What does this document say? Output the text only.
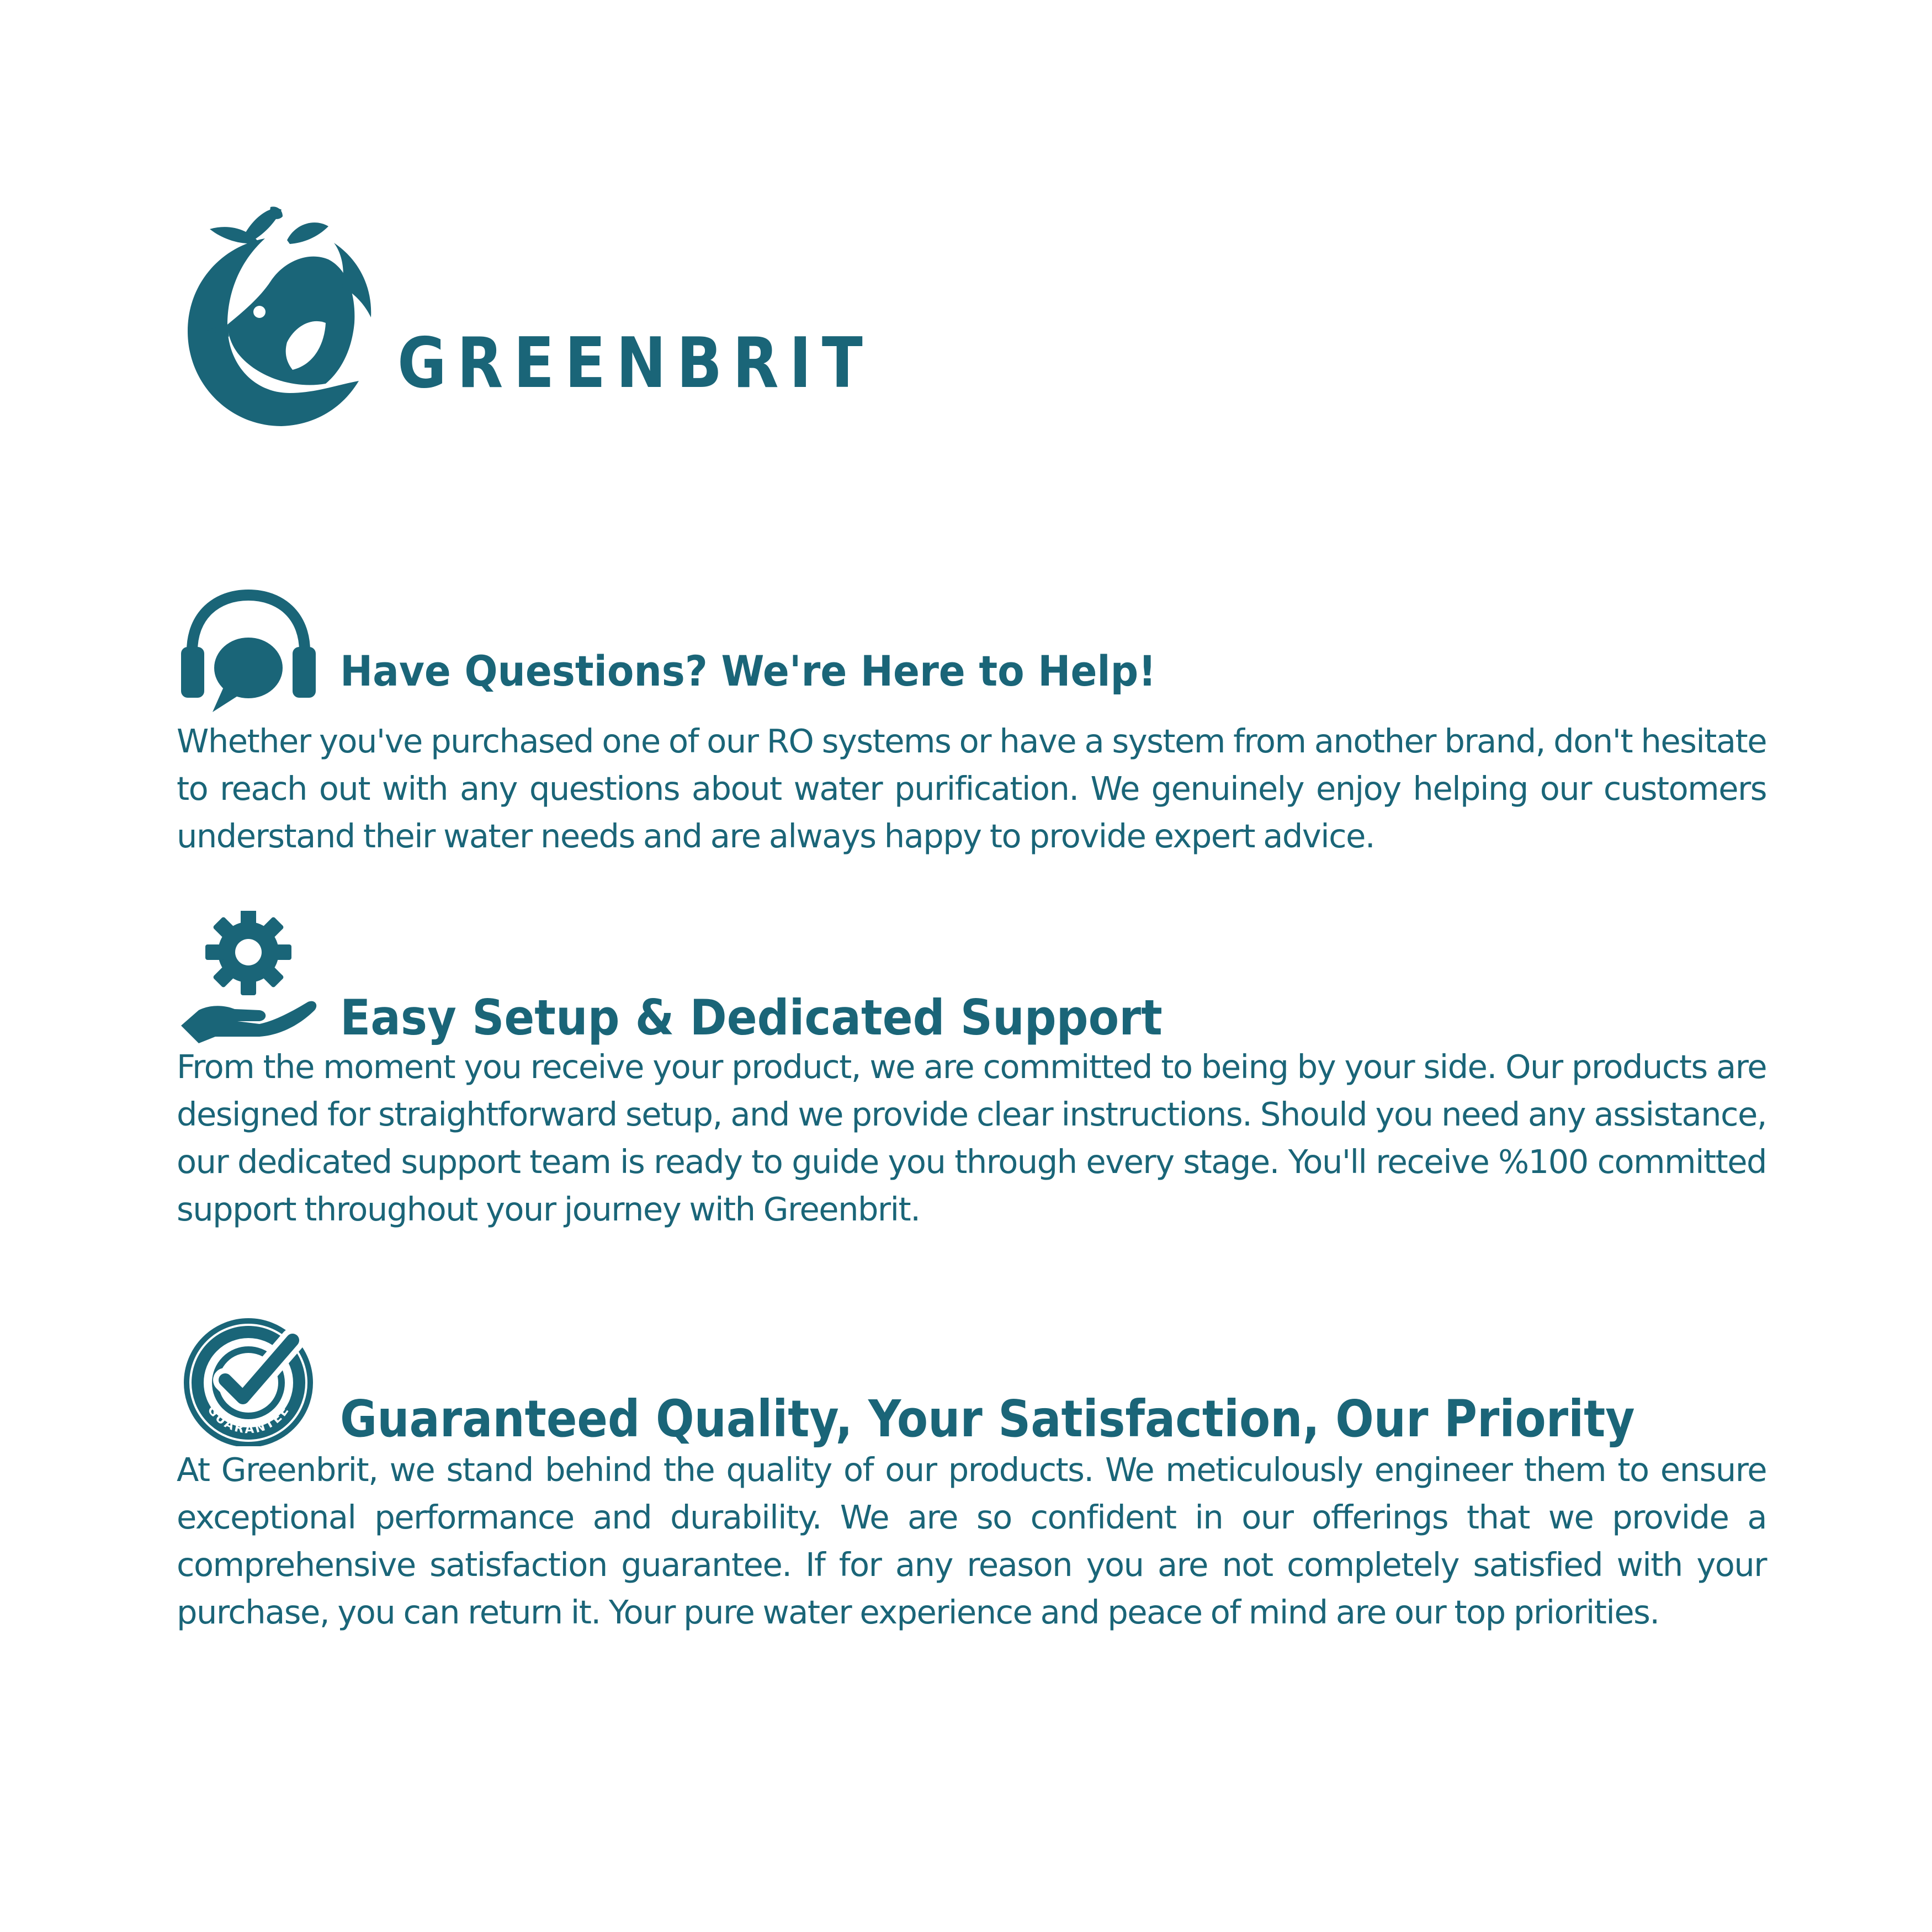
GREENBRIT
Have Questions? We're Here to Help!

Whether you've purchased one of our RO systems or have a system from another brand, don't hesitate to reach out with any questions about water purification. We genuinely enjoy helping our customers understand their water needs and are always happy to provide expert advice.

Easy Setup & Dedicated Support

From the moment you receive your product, we are committed to being by your side. Our products are designed for straightforward setup, and we provide clear instructions. Should you need any assistance, our dedicated support team is ready to guide you through every stage. You'll receive %100 committed support throughout your journey with Greenbrit.

GUARANTEE Guaranteed Quality, Your Satisfaction, Our Priority

At Greenbrit, we stand behind the quality of our products. We meticulously engineer them to ensure exceptional performance and durability. We are so confident in our offerings that we provide a comprehensive satisfaction guarantee. If for any reason you are not completely satisfied with your purchase, you can return it. Your pure water experience and peace of mind are our top priorities.
